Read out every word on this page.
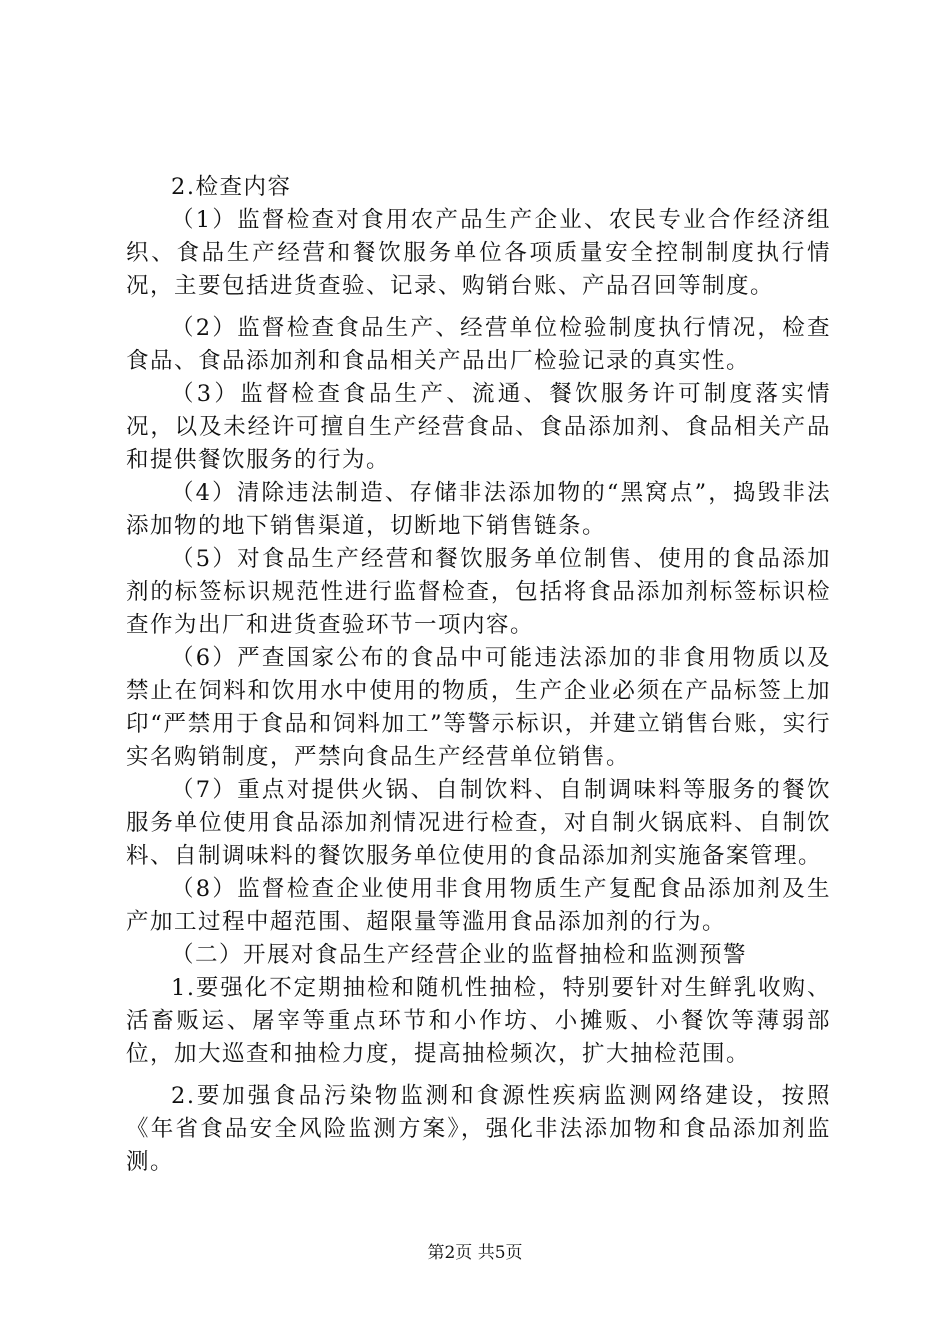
2.检查内容

（1）监督检查对食用农产品生产企业、农民专业合作经济组织、食品生产经营和餐饮服务单位各项质量安全控制制度执行情况，主要包括进货查验、记录、购销台账、产品召回等制度。

（2）监督检查食品生产、经营单位检验制度执行情况，检查食品、食品添加剂和食品相关产品出厂检验记录的真实性。

（3）监督检查食品生产、流通、餐饮服务许可制度落实情况，以及未经许可擅自生产经营食品、食品添加剂、食品相关产品和提供餐饮服务的行为。

（4）清除违法制造、存储非法添加物的“黑窝点”，捣毁非法添加物的地下销售渠道，切断地下销售链条。

（5）对食品生产经营和餐饮服务单位制售、使用的食品添加剂的标签标识规范性进行监督检查，包括将食品添加剂标签标识检查作为出厂和进货查验环节一项内容。

（6）严查国家公布的食品中可能违法添加的非食用物质以及禁止在饲料和饮用水中使用的物质，生产企业必须在产品标签上加印“严禁用于食品和饲料加工”等警示标识，并建立销售台账，实行实名购销制度，严禁向食品生产经营单位销售。

（7）重点对提供火锅、自制饮料、自制调味料等服务的餐饮服务单位使用食品添加剂情况进行检查，对自制火锅底料、自制饮料、自制调味料的餐饮服务单位使用的食品添加剂实施备案管理。

（8）监督检查企业使用非食用物质生产复配食品添加剂及生产加工过程中超范围、超限量等滥用食品添加剂的行为。

（二）开展对食品生产经营企业的监督抽检和监测预警

1.要强化不定期抽检和随机性抽检，特别要针对生鲜乳收购、活畜贩运、屠宰等重点环节和小作坊、小摊贩、小餐饮等薄弱部位，加大巡查和抽检力度，提高抽检频次，扩大抽检范围。

2.要加强食品污染物监测和食源性疾病监测网络建设，按照《年省食品安全风险监测方案》，强化非法添加物和食品添加剂监测。

第2页 共5页
